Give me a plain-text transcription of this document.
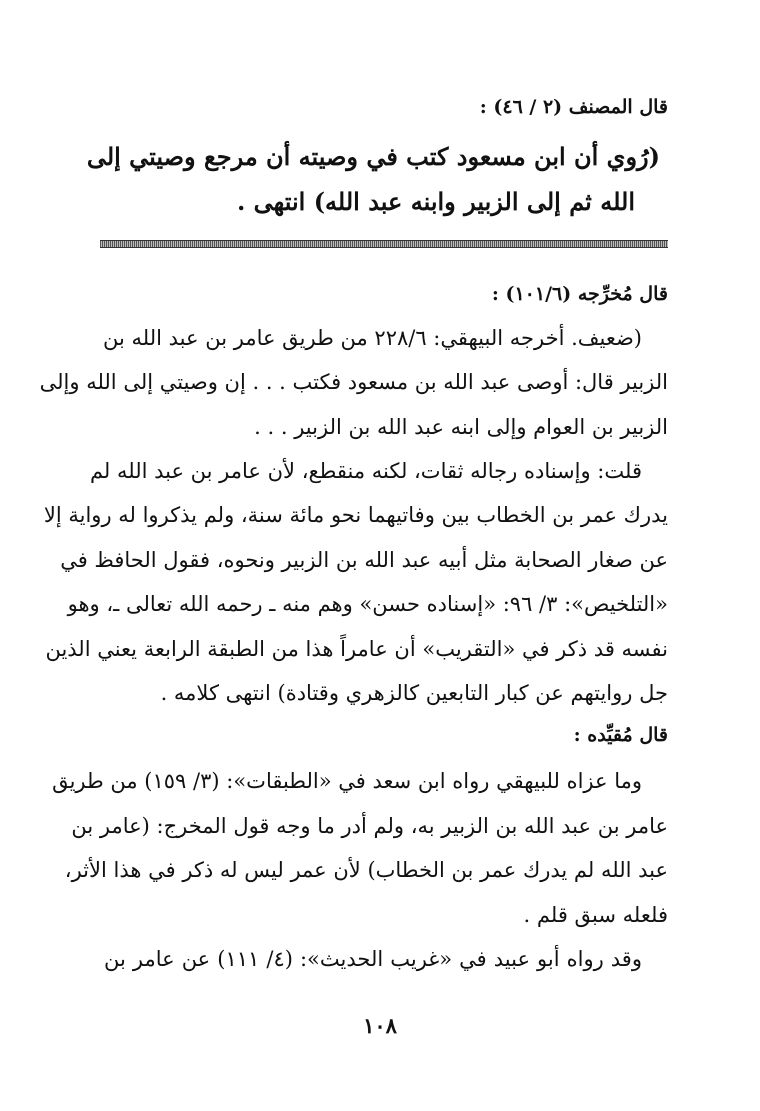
قال المصنف (٢ / ٤٦) :
(رُوي أن ابن مسعود كتب في وصيته أن مرجع وصيتي إلى
الله ثم إلى الزبير وابنه عبد الله) انتهى .
قال مُخرِّجه (١٠١/٦) :
(ضعيف. أخرجه البيهقي: ٢٢٨/٦ من طريق عامر بن عبد الله بن
الزبير قال: أوصى عبد الله بن مسعود فكتب . . . إن وصيتي إلى الله وإلى
الزبير بن العوام وإلى ابنه عبد الله بن الزبير . . .
قلت: وإسناده رجاله ثقات، لكنه منقطع، لأن عامر بن عبد الله لم
يدرك عمر بن الخطاب بين وفاتيهما نحو مائة سنة، ولم يذكروا له رواية إلا
عن صغار الصحابة مثل أبيه عبد الله بن الزبير ونحوه، فقول الحافظ في
«التلخيص»: ٣/ ٩٦: «إسناده حسن» وهم منه ـ رحمه الله تعالى ـ، وهو
نفسه قد ذكر في «التقريب» أن عامراً هذا من الطبقة الرابعة يعني الذين
جل روايتهم عن كبار التابعين كالزهري وقتادة) انتهى كلامه .
قال مُقيِّده :
وما عزاه للبيهقي رواه ابن سعد في «الطبقات»: (٣/ ١٥٩) من طريق
عامر بن عبد الله بن الزبير به، ولم أدر ما وجه قول المخرج: (عامر بن
عبد الله لم يدرك عمر بن الخطاب) لأن عمر ليس له ذكر في هذا الأثر،
فلعله سبق قلم .
وقد رواه أبو عبيد في «غريب الحديث»: (٤/ ١١١) عن عامر بن
١٠٨
